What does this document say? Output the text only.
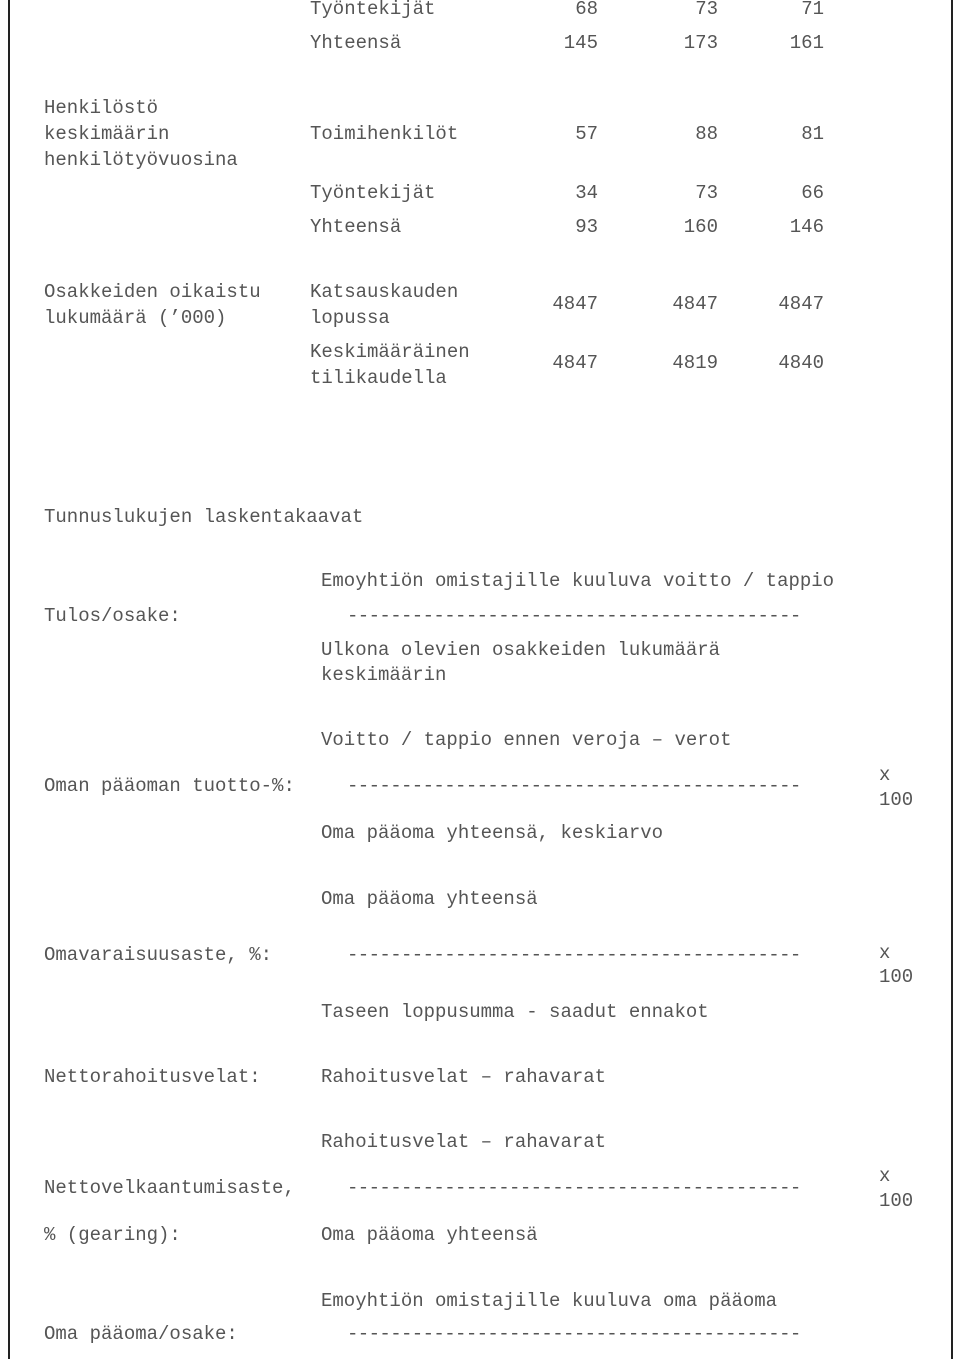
Työntekijät	68	73	71
Yhteensä	145	173	161
Henkilöstö
keskimäärin
henkilötyövuosina
Toimihenkilöt	57	88	81
Työntekijät	34	73	66
Yhteensä	93	160	146
Osakkeiden oikaistu
lukumäärä (’000)
Katsauskauden
lopussa
4847	4847	4847
Keskimääräinen
tilikaudella
4847	4819	4840
Tunnuslukujen laskentakaavat
Emoyhtiön omistajille kuuluva voitto / tappio
Tulos/osake:	------------------------------------------
Ulkona olevien osakkeiden lukumäärä
keskimäärin
Voitto / tappio ennen veroja – verot
Oman pääoman tuotto-%:	------------------------------------------	x
100
Oma pääoma yhteensä, keskiarvo
Oma pääoma yhteensä
Omavaraisuusaste, %:	------------------------------------------	x
100
Taseen loppusumma - saadut ennakot
Nettorahoitusvelat:	Rahoitusvelat – rahavarat
Rahoitusvelat – rahavarat
Nettovelkaantumisaste,	------------------------------------------
x
100
% (gearing):	Oma pääoma yhteensä
Emoyhtiön omistajille kuuluva oma pääoma
Oma pääoma/osake:	------------------------------------------
